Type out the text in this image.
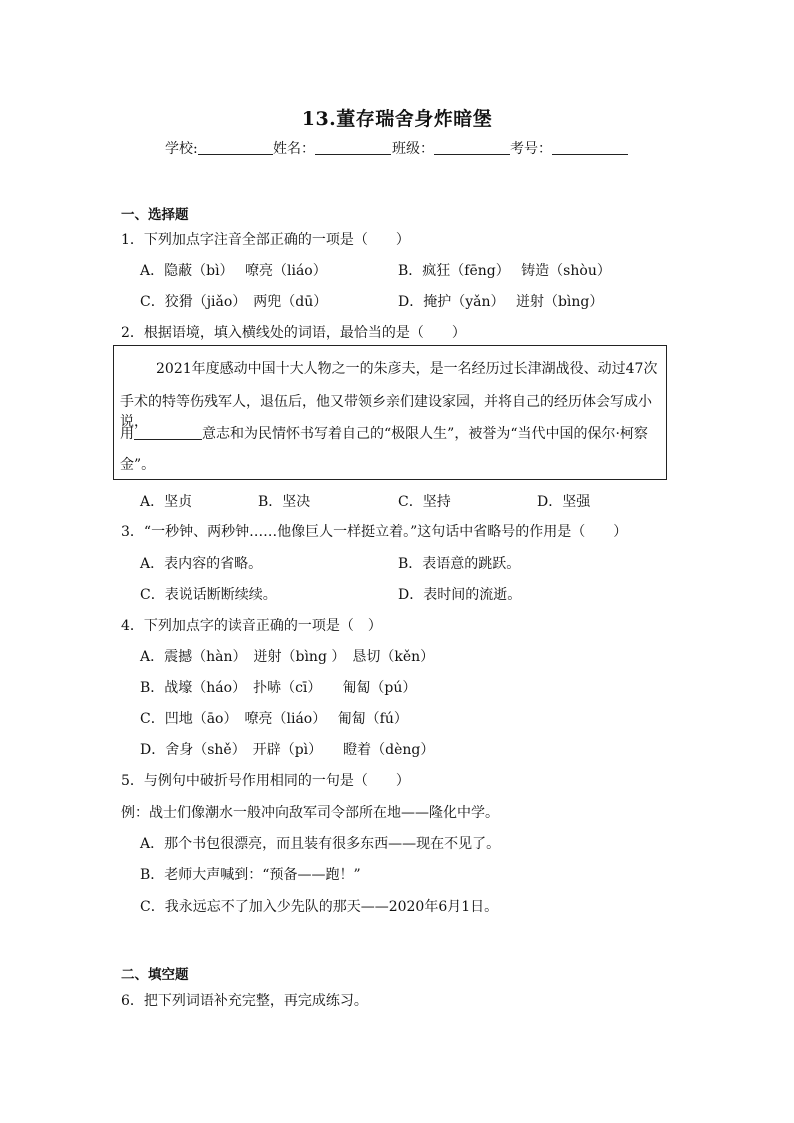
13.董存瑞舍身炸暗堡
学校:	姓名：	班级：	考号：
一、选择题
1．下列加点字注音全部正确的一项是（　　）
A．隐蔽（bì）　 嘹亮（liáo）	B．疯狂（fēng）　 铸造（shòu）
C．狡猾（jiǎo）　两兜（dū）	D．掩护（yǎn）　 迸射（bìng）
2．根据语境，填入横线处的词语，最恰当的是（　　）
2021年度感动中国十大人物之一的朱彦夫，是一名经历过长津湖战役、动过47次
手术的特等伤残军人，退伍后，他又带领乡亲们建设家园，并将自己的经历体会写成小说，
用	意志和为民情怀书写着自己的“极限人生”，被誉为“当代中国的保尔·柯察
金”。
A．坚贞	B．坚决	C．坚持	D．坚强
3．“一秒钟、两秒钟……他像巨人一样挺立着。”这句话中省略号的作用是（　　）
A．表内容的省略。	B．表语意的跳跃。
C．表说话断断续续。	D．表时间的流逝。
4．下列加点字的读音正确的一项是（　）
A．震撼（hàn）　迸射（bìng ）　恳切（kěn）
B．战壕（háo）　扑哧（cī）　　匍匐（pú）
C．凹地（āo）　嘹亮（liáo）　 匍匐（fú）
D．舍身（shě）　开辟（pì）　　瞪着（dèng）
5．与例句中破折号作用相同的一句是（　　）
例：战士们像潮水一般冲向敌军司令部所在地——隆化中学。
A．那个书包很漂亮，而且装有很多东西——现在不见了。
B．老师大声喊到：“预备——跑！”
C．我永远忘不了加入少先队的那天——2020年6月1日。
二、填空题
6．把下列词语补充完整，再完成练习。
